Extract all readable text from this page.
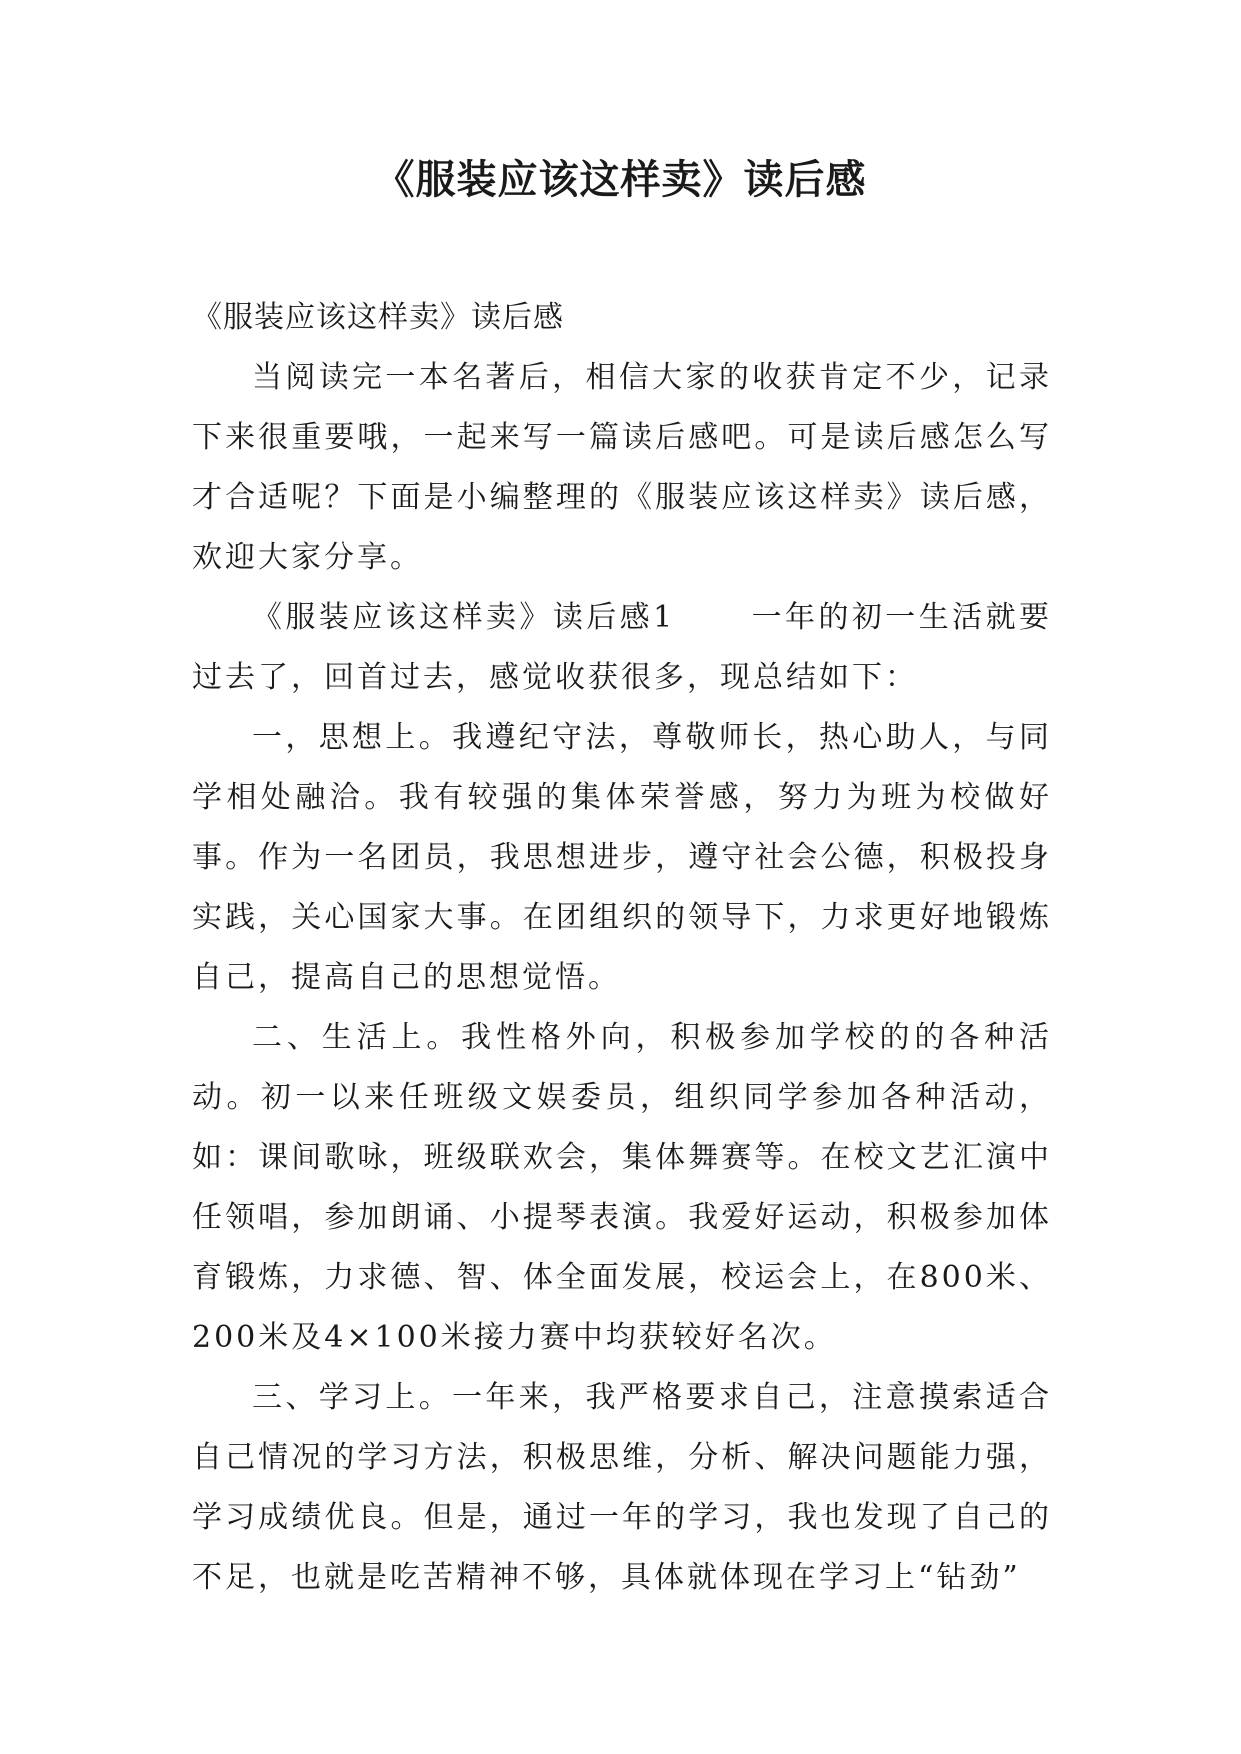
《服装应该这样卖》读后感

《服装应该这样卖》读后感

当阅读完一本名著后，相信大家的收获肯定不少，记录下来很重要哦，一起来写一篇读后感吧。可是读后感怎么写才合适呢？下面是小编整理的《服装应该这样卖》读后感，欢迎大家分享。

《服装应该这样卖》读后感1	一年的初一生活就要过去了，回首过去，感觉收获很多，现总结如下：

一，思想上。我遵纪守法，尊敬师长，热心助人，与同学相处融洽。我有较强的集体荣誉感，努力为班为校做好事。作为一名团员，我思想进步，遵守社会公德，积极投身实践，关心国家大事。在团组织的领导下，力求更好地锻炼自己，提高自己的思想觉悟。

二、生活上。我性格外向，积极参加学校的的各种活动。初一以来任班级文娱委员，组织同学参加各种活动，如：课间歌咏，班级联欢会，集体舞赛等。在校文艺汇演中任领唱，参加朗诵、小提琴表演。我爱好运动，积极参加体育锻炼，力求德、智、体全面发展，校运会上，在800米、200米及4×100米接力赛中均获较好名次。

三、学习上。一年来，我严格要求自己，注意摸索适合自己情况的学习方法，积极思维，分析、解决问题能力强，学习成绩优良。但是，通过一年的学习，我也发现了自己的不足，也就是吃苦精神不够，具体就体现在学习上“钻劲”
